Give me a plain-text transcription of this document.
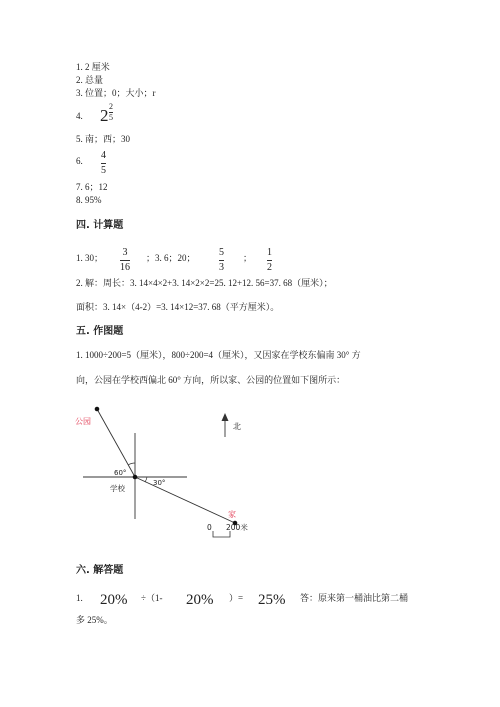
1. 2 厘米
2. 总量
3. 位置；0；大小；r
4. 2 2
5
5. 南；西；30
6. 4
5
7. 6；12
8. 95%
四. 计算题
1. 30； 3
16
；3. 6；20； 5
3
； 1
2
2. 解：周长：3. 14×4×2+3. 14×2×2=25. 12+12. 56=37. 68（厘米）；
面积：3. 14×（4-2）=3. 14×12=37. 68（平方厘米）。
五. 作图题
1. 1000÷200=5（厘米），800÷200=4（厘米），又因家在学校东偏南 30° 方
向，公园在学校西偏北 60° 方向，所以家、公园的位置如下图所示：
公园
学校
家
60°
30°
北
0 200米
六. 解答题
1. 20% ÷（1- 20% ）= 25% 答：原来第一桶油比第二桶
多 25%。
